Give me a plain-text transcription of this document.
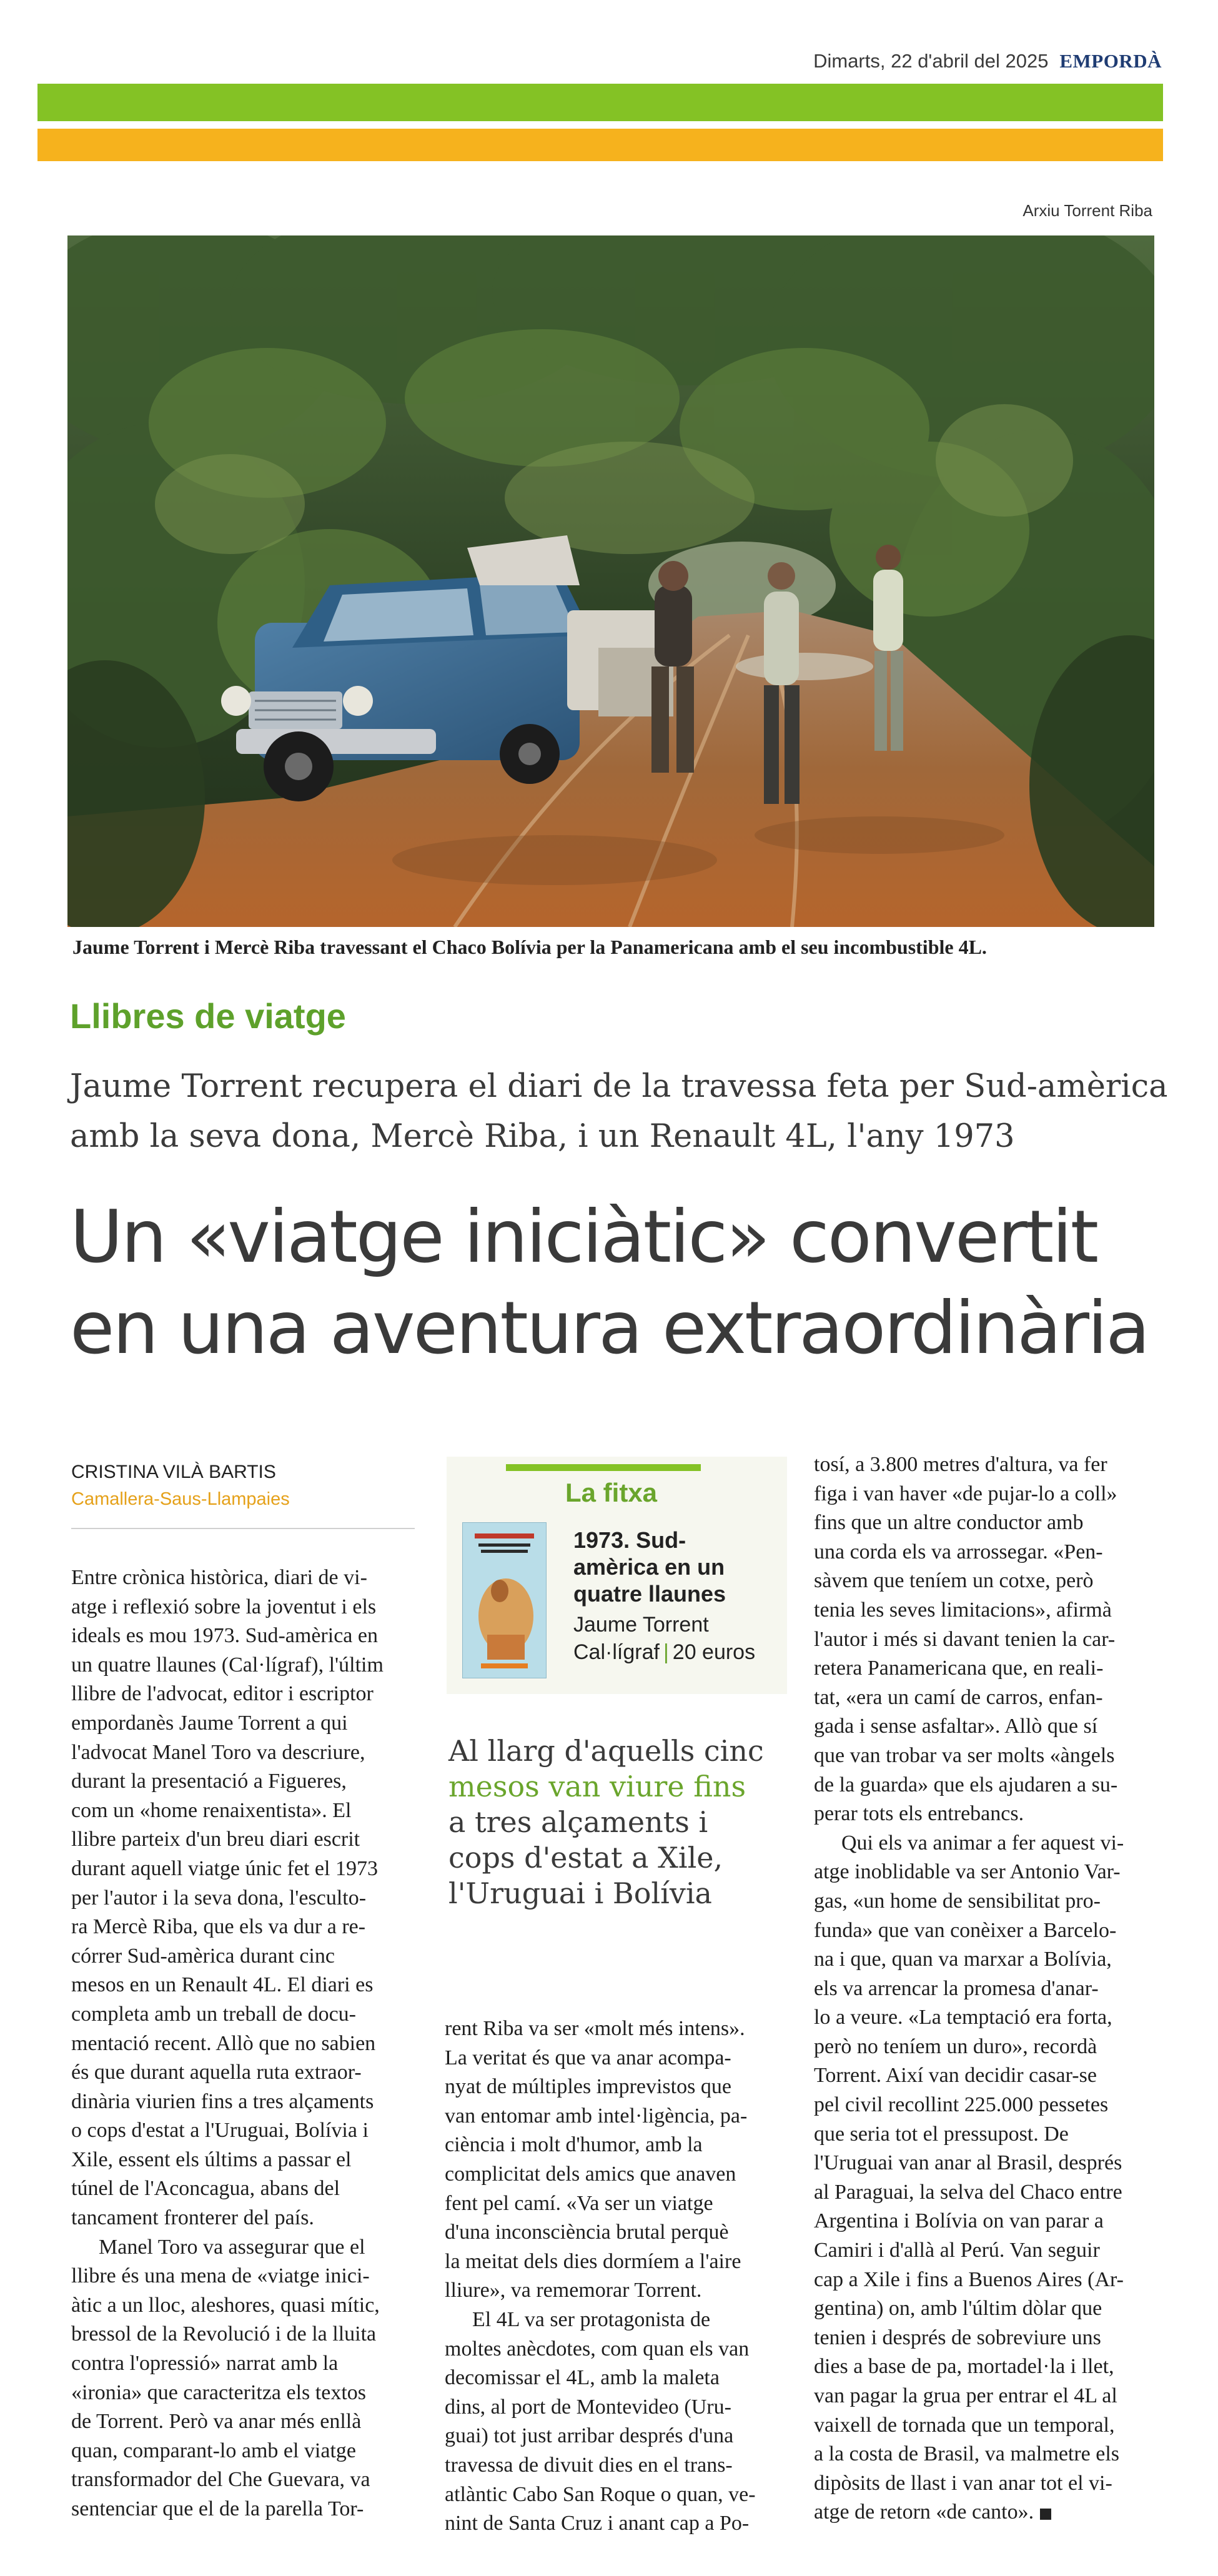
Dimarts, 22 d'abril del 2025 EMPORDÀ
Arxiu Torrent Riba
Jaume Torrent i Mercè Riba travessant el Chaco Bolívia per la Panamericana amb el seu incombustible 4L.
Llibres de viatge
Jaume Torrent recupera el diari de la travessa feta per Sud-amèrica
amb la seva dona, Mercè Riba, i un Renault 4L, l'any 1973
Un «viatge iniciàtic» convertit
en una aventura extraordinària
CRISTINA VILÀ BARTIS
Camallera-Saus-Llampaies
Entre crònica històrica, diari de vi-
atge i reflexió sobre la joventut i els
ideals es mou 1973. Sud-amèrica en
un quatre llaunes (Cal·lígraf), l'últim
llibre de l'advocat, editor i escriptor
empordanès Jaume Torrent a qui
l'advocat Manel Toro va descriure,
durant la presentació a Figueres,
com un «home renaixentista». El
llibre parteix d'un breu diari escrit
durant aquell viatge únic fet el 1973
per l'autor i la seva dona, l'esculto-
ra Mercè Riba, que els va dur a re-
córrer Sud-amèrica durant cinc
mesos en un Renault 4L. El diari es
completa amb un treball de docu-
mentació recent. Allò que no sabien
és que durant aquella ruta extraor-
dinària viurien fins a tres alçaments
o cops d'estat a l'Uruguai, Bolívia i
Xile, essent els últims a passar el
túnel de l'Aconcagua, abans del
tancament fronterer del país.
Manel Toro va assegurar que el
llibre és una mena de «viatge inici-
àtic a un lloc, aleshores, quasi mític,
bressol de la Revolució i de la lluita
contra l'opressió» narrat amb la
«ironia» que caracteritza els textos
de Torrent. Però va anar més enllà
quan, comparant-lo amb el viatge
transformador del Che Guevara, va
sentenciar que el de la parella Tor-
La fitxa
1973. Sud-
amèrica en un
quatre llaunes
Jaume Torrent
Cal·lígraf | 20 euros
Al llarg d'aquells cinc
mesos van viure fins
a tres alçaments i
cops d'estat a Xile,
l'Uruguai i Bolívia
rent Riba va ser «molt més intens».
La veritat és que va anar acompa-
nyat de múltiples imprevistos que
van entomar amb intel·ligència, pa-
ciència i molt d'humor, amb la
complicitat dels amics que anaven
fent pel camí. «Va ser un viatge
d'una inconsciència brutal perquè
la meitat dels dies dormíem a l'aire
lliure», va rememorar Torrent.
El 4L va ser protagonista de
moltes anècdotes, com quan els van
decomissar el 4L, amb la maleta
dins, al port de Montevideo (Uru-
guai) tot just arribar després d'una
travessa de divuit dies en el trans-
atlàntic Cabo San Roque o quan, ve-
nint de Santa Cruz i anant cap a Po-
tosí, a 3.800 metres d'altura, va fer
figa i van haver «de pujar-lo a coll»
fins que un altre conductor amb
una corda els va arrossegar. «Pen-
sàvem que teníem un cotxe, però
tenia les seves limitacions», afirmà
l'autor i més si davant tenien la car-
retera Panamericana que, en reali-
tat, «era un camí de carros, enfan-
gada i sense asfaltar». Allò que sí
que van trobar va ser molts «àngels
de la guarda» que els ajudaren a su-
perar tots els entrebancs.
Qui els va animar a fer aquest vi-
atge inoblidable va ser Antonio Var-
gas, «un home de sensibilitat pro-
funda» que van conèixer a Barcelo-
na i que, quan va marxar a Bolívia,
els va arrencar la promesa d'anar-
lo a veure. «La temptació era forta,
però no teníem un duro», recordà
Torrent. Així van decidir casar-se
pel civil recollint 225.000 pessetes
que seria tot el pressupost. De
l'Uruguai van anar al Brasil, després
al Paraguai, la selva del Chaco entre
Argentina i Bolívia on van parar a
Camiri i d'allà al Perú. Van seguir
cap a Xile i fins a Buenos Aires (Ar-
gentina) on, amb l'últim dòlar que
tenien i després de sobreviure uns
dies a base de pa, mortadel·la i llet,
van pagar la grua per entrar el 4L al
vaixell de tornada que un temporal,
a la costa de Brasil, va malmetre els
dipòsits de llast i van anar tot el vi-
atge de retorn «de canto».
